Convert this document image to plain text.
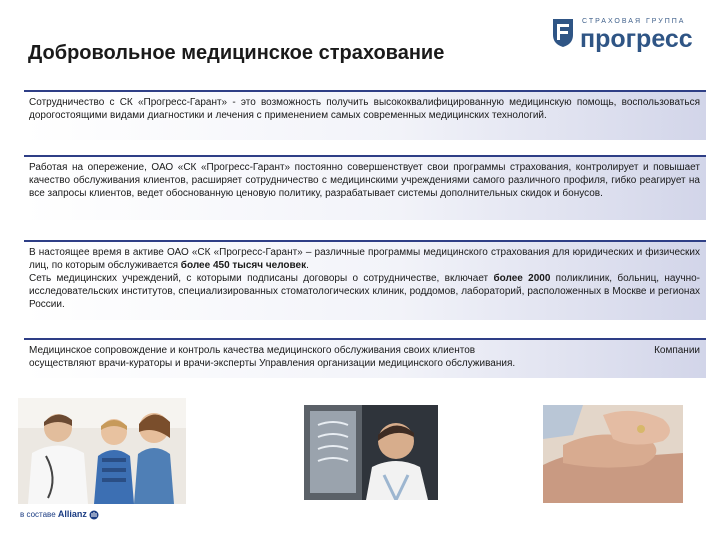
Добровольное медицинское страхование
СТРАХОВАЯ ГРУППА
прогресс

Сотрудничество с СК «Прогресс-Гарант» - это возможность получить высококвалифицированную медицинскую помощь, воспользоваться дорогостоящими видами диагностики и лечения с применением самых современных медицинских технологий.

Работая на опережение, ОАО «СК «Прогресс-Гарант» постоянно совершенствует свои программы страхования, контролирует и повышает качество обслуживания клиентов, расширяет сотрудничество с медицинскими учреждениями самого различного профиля, гибко реагирует на все запросы клиентов, ведет обоснованную ценовую политику, разрабатывает системы дополнительных скидок и бонусов.

В настоящее время в активе ОАО «СК «Прогресс-Гарант» – различные программы медицинского страхования для юридических и физических лиц, по которым обслуживается более 450 тысяч человек.

Сеть медицинских учреждений, с которыми подписаны договоры о сотрудничестве, включает более 2000 поликлиник, больниц, научно-исследовательских институтов, специализированных стоматологических клиник, роддомов, лабораторий, расположенных в Москве и регионах России.

Медицинское сопровождение и контроль качества медицинского обслуживания своих клиентов	Компании

осуществляют врачи-кураторы и врачи-эксперты Управления организации медицинского обслуживания.

в составе Allianz
